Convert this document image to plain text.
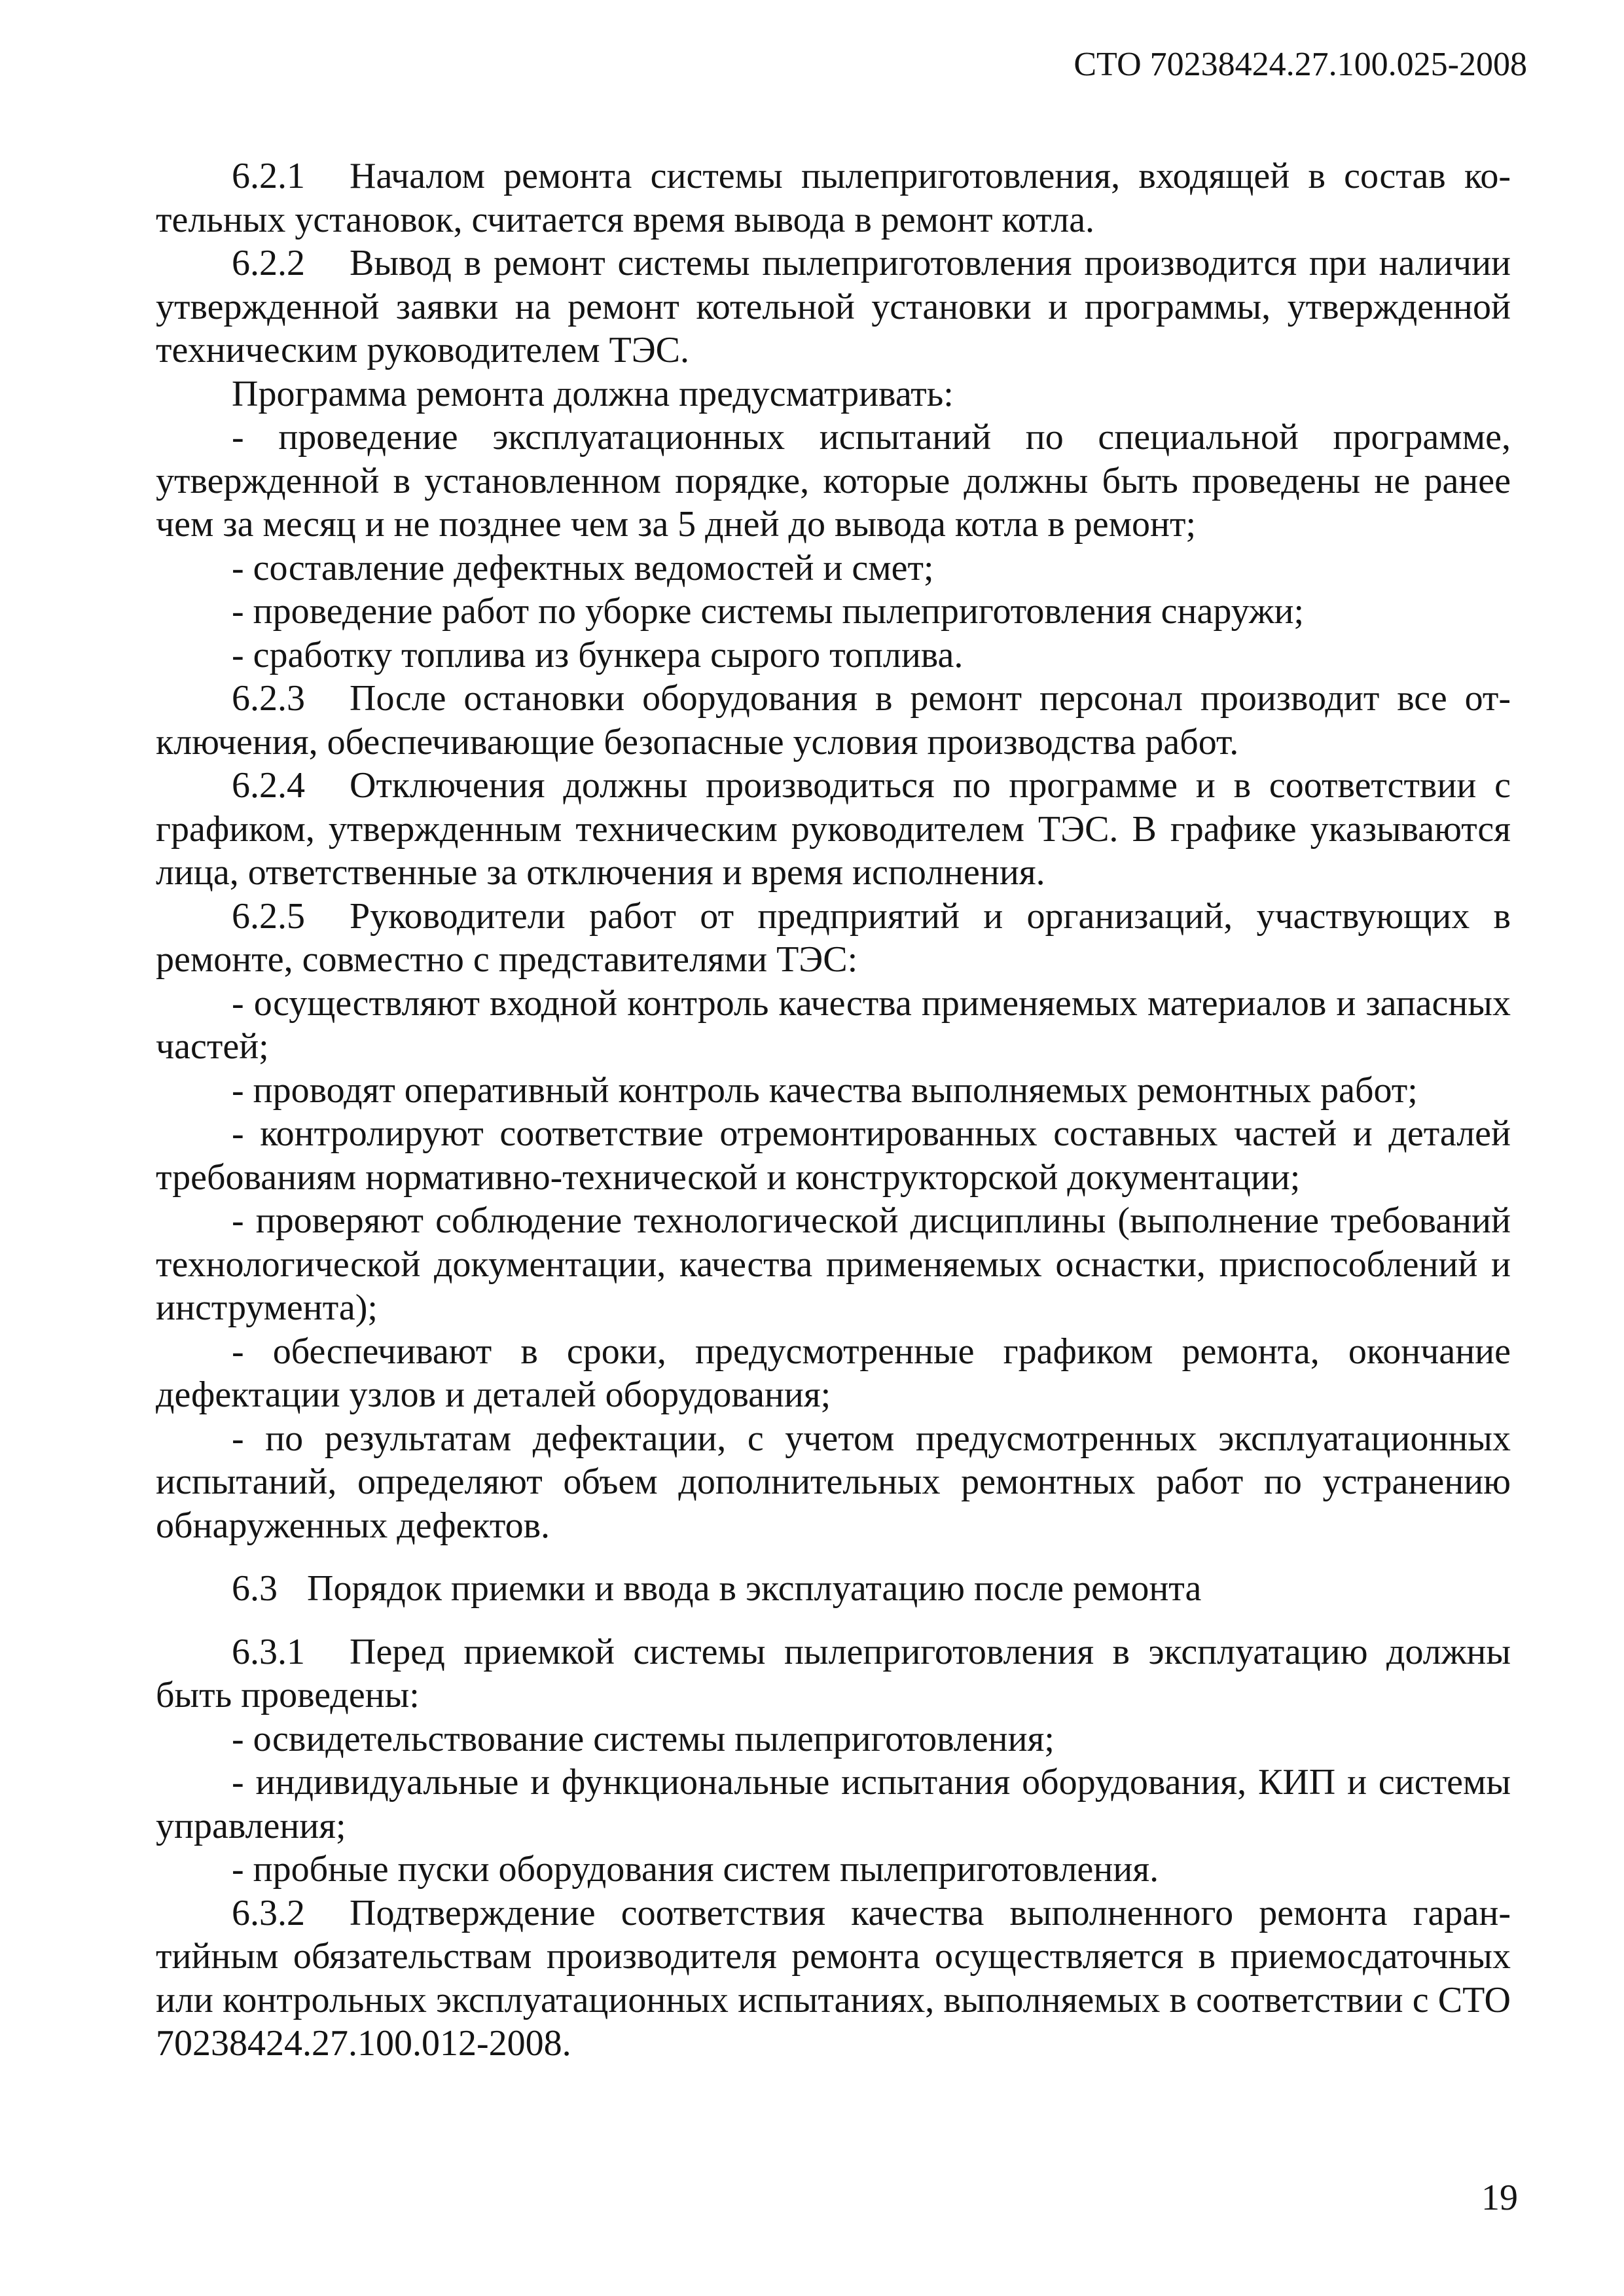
СТО 70238424.27.100.025-2008

6.2.1 Началом ремонта системы пылеприготовления, входящей в состав котельных установок, считается время вывода в ремонт котла.

6.2.2 Вывод в ремонт системы пылеприготовления производится при наличии утвержденной заявки на ремонт котельной установки и программы, утвержденной техническим руководителем ТЭС.

Программа ремонта должна предусматривать:

- проведение эксплуатационных испытаний по специальной программе, утвержденной в установленном порядке, которые должны быть проведены не ранее чем за месяц и не позднее чем за 5 дней до вывода котла в ремонт;

- составление дефектных ведомостей и смет;

- проведение работ по уборке системы пылеприготовления снаружи;

- сработку топлива из бункера сырого топлива.

6.2.3 После остановки оборудования в ремонт персонал производит все отключения, обеспечивающие безопасные условия производства работ.

6.2.4 Отключения должны производиться по программе и в соответствии с графиком, утвержденным техническим руководителем ТЭС. В графике указываются лица, ответственные за отключения и время исполнения.

6.2.5 Руководители работ от предприятий и организаций, участвующих в ремонте, совместно с представителями ТЭС:

- осуществляют входной контроль качества применяемых материалов и запасных частей;

- проводят оперативный контроль качества выполняемых ремонтных работ;

- контролируют соответствие отремонтированных составных частей и деталей требованиям нормативно-технической и конструкторской документации;

- проверяют соблюдение технологической дисциплины (выполнение требований технологической документации, качества применяемых оснастки, приспособлений и инструмента);

- обеспечивают в сроки, предусмотренные графиком ремонта, окончание дефектации узлов и деталей оборудования;

- по результатам дефектации, с учетом предусмотренных эксплуатационных испытаний, определяют объем дополнительных ремонтных работ по устранению обнаруженных дефектов.

6.3 Порядок приемки и ввода в эксплуатацию после ремонта

6.3.1 Перед приемкой системы пылеприготовления в эксплуатацию должны быть проведены:

- освидетельствование системы пылеприготовления;

- индивидуальные и функциональные испытания оборудования, КИП и системы управления;

- пробные пуски оборудования систем пылеприготовления.

6.3.2 Подтверждение соответствия качества выполненного ремонта гарантийным обязательствам производителя ремонта осуществляется в приемосдаточных или контрольных эксплуатационных испытаниях, выполняемых в соответствии с СТО 70238424.27.100.012-2008.

19
